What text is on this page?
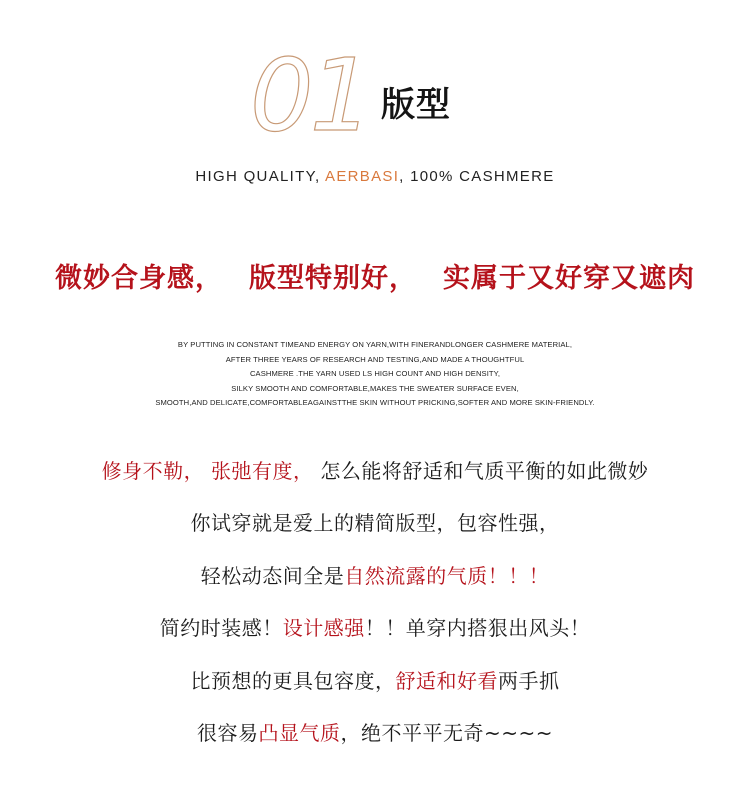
01 版型
HIGH QUALITY, AERBASI, 100% CASHMERE
微妙合身感， 版型特别好， 实属于又好穿又遮肉
BY PUTTING IN CONSTANT TIMEAND ENERGY ON YARN,WITH FINERANDLONGER CASHMERE MATERIAL,
AFTER THREE YEARS OF RESEARCH AND TESTING,AND MADE A THOUGHTFUL
CASHMERE .THE YARN USED LS HIGH COUNT AND HIGH DENSITY,
SILKY SMOOTH AND COMFORTABLE,MAKES THE SWEATER SURFACE EVEN,
SMOOTH,AND DELICATE,COMFORTABLEAGAINSTTHE SKIN WITHOUT PRICKING,SOFTER AND MORE SKIN-FRIENDLY.
修身不勒， 张弛有度， 怎么能将舒适和气质平衡的如此微妙
你试穿就是爱上的精简版型，包容性强，
轻松动态间全是自然流露的气质！！！
简约时装感！设计感强！！单穿内搭狠出风头！
比预想的更具包容度，舒适和好看两手抓
很容易凸显气质，绝不平平无奇~~~~
